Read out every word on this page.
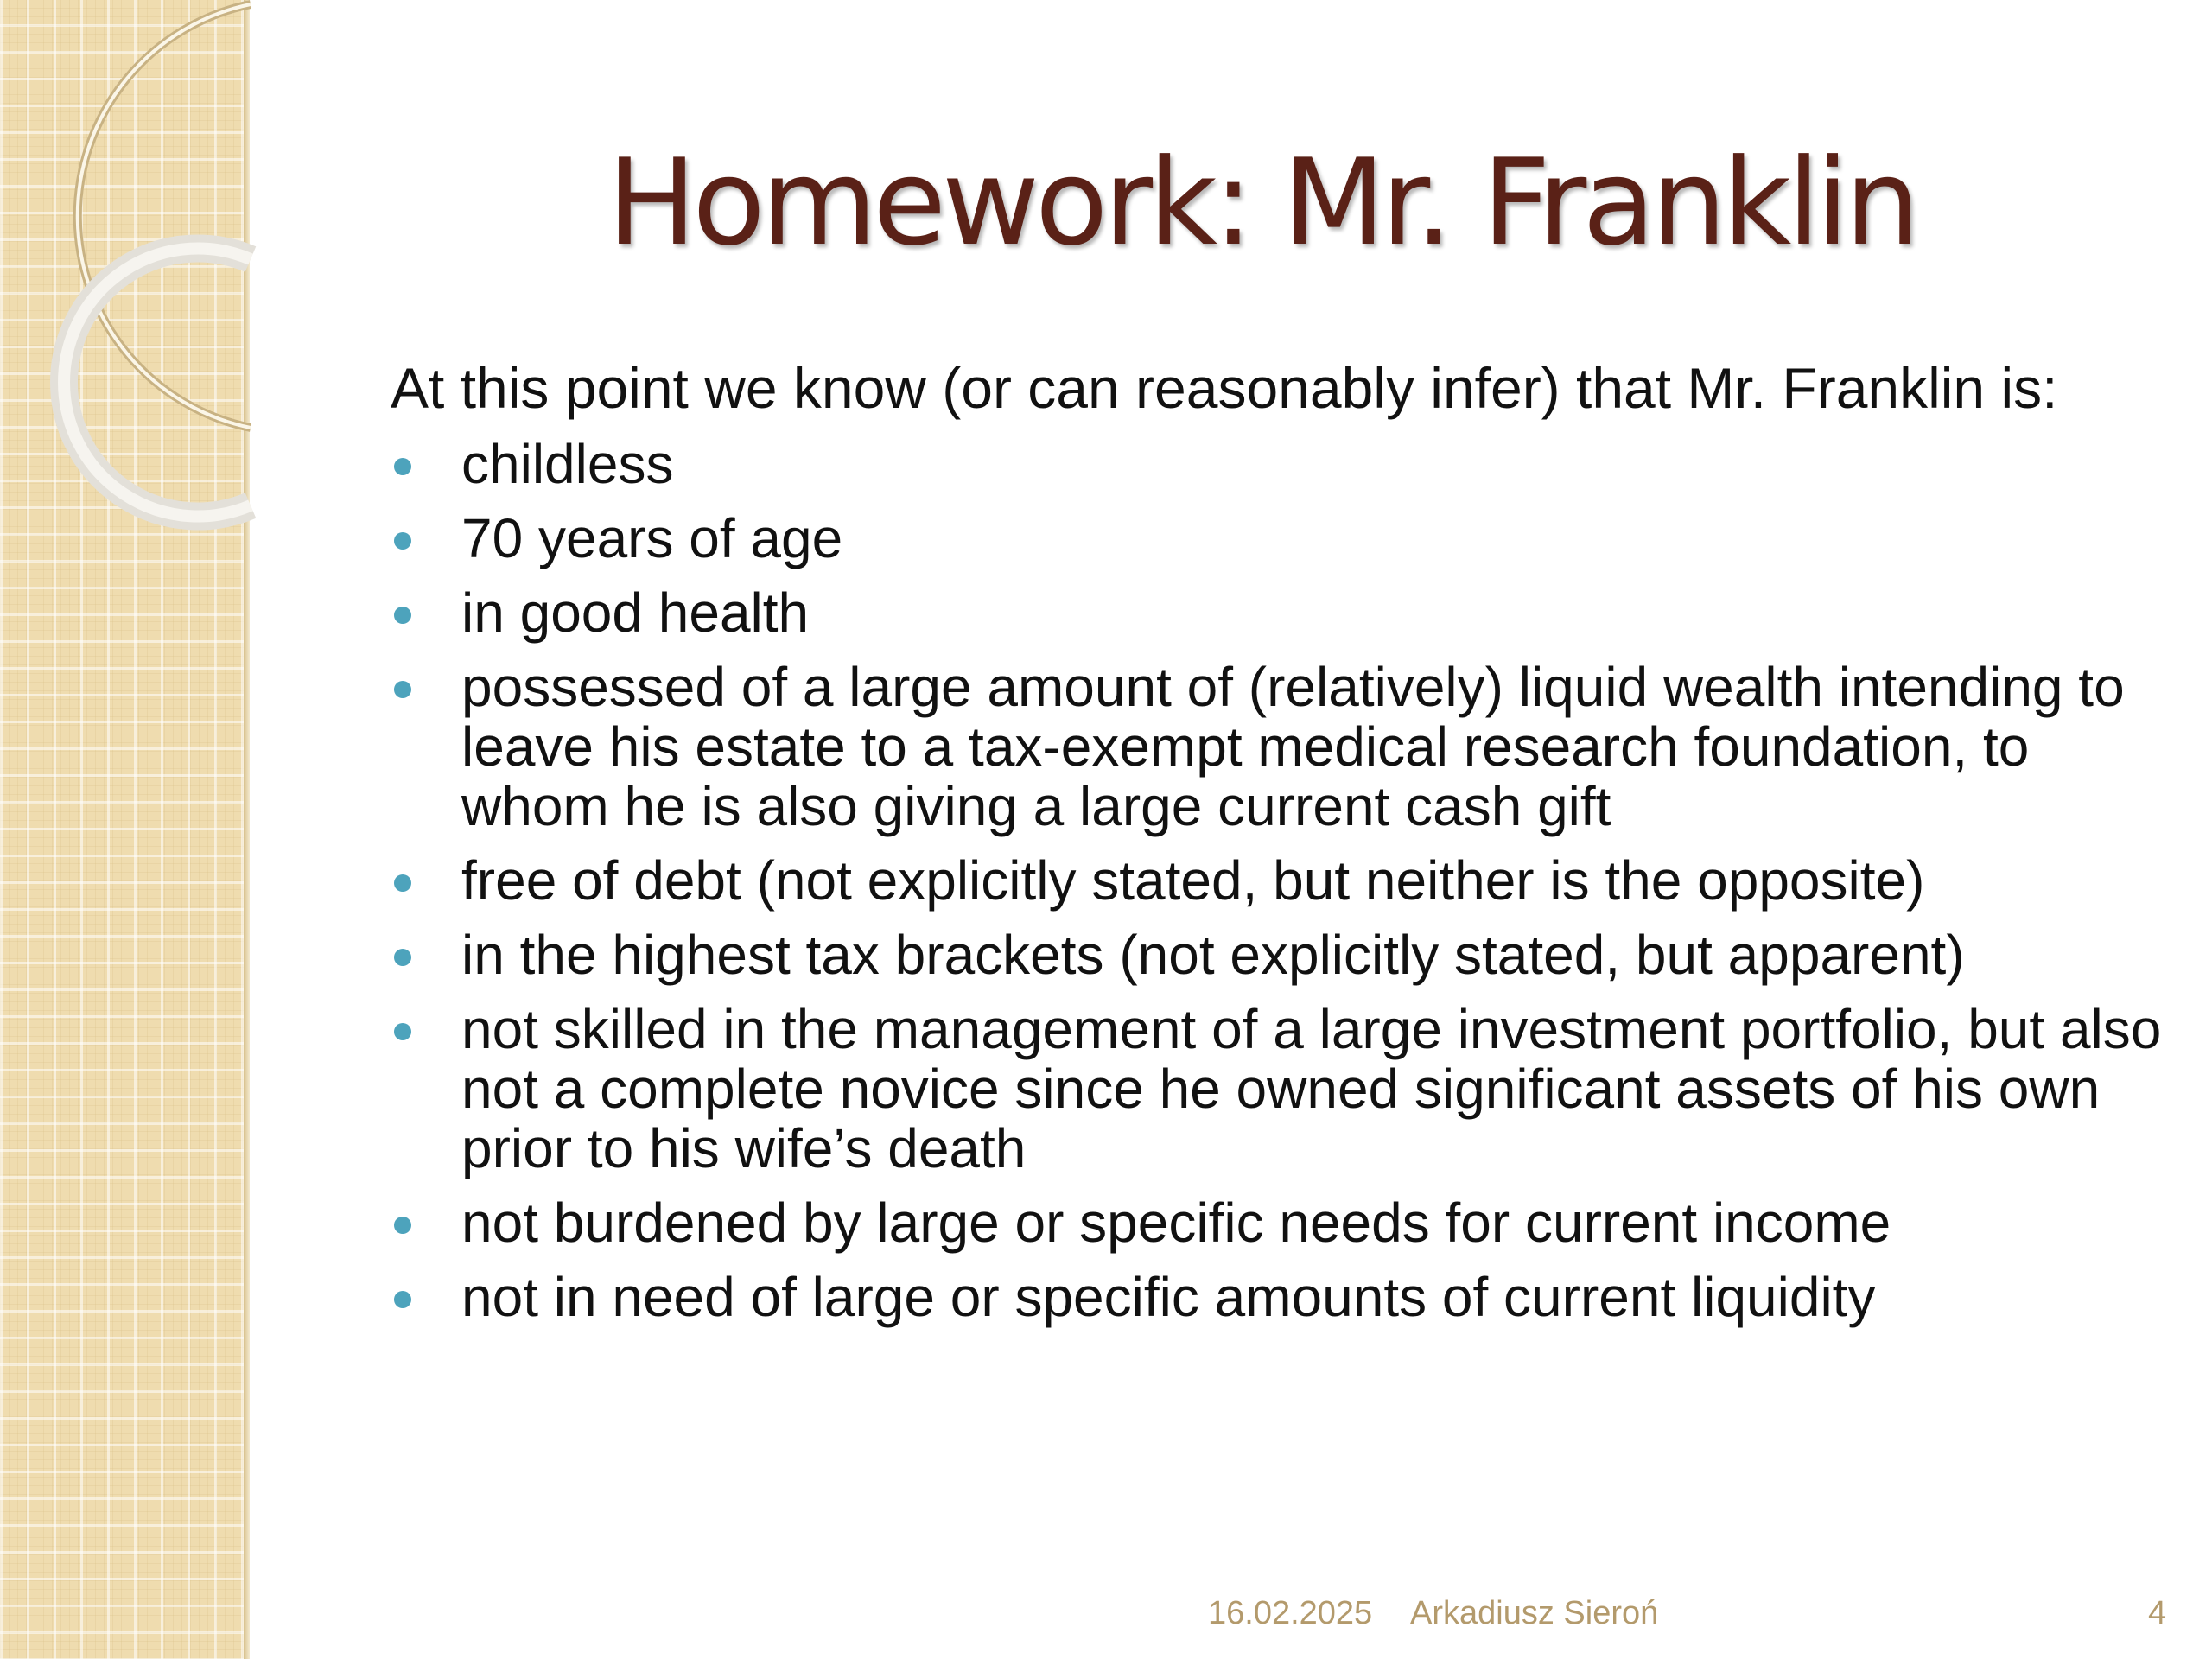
Homework: Mr. Franklin

At this point we know (or can reasonably infer) that Mr. Franklin is:

childless
70 years of age
in good health
possessed of a large amount of (relatively) liquid wealth intending to leave his estate to a tax-exempt medical research foundation, to whom he is also giving a large current cash gift
free of debt (not explicitly stated, but neither is the opposite)
in the highest tax brackets (not explicitly stated, but apparent)
not skilled in the management of a large investment portfolio, but also not a complete novice since he owned significant assets of his own prior to his wife’s death
not burdened by large or specific needs for current income
not in need of large or specific amounts of current liquidity
16.02.2025 Arkadiusz Sieroń	4
